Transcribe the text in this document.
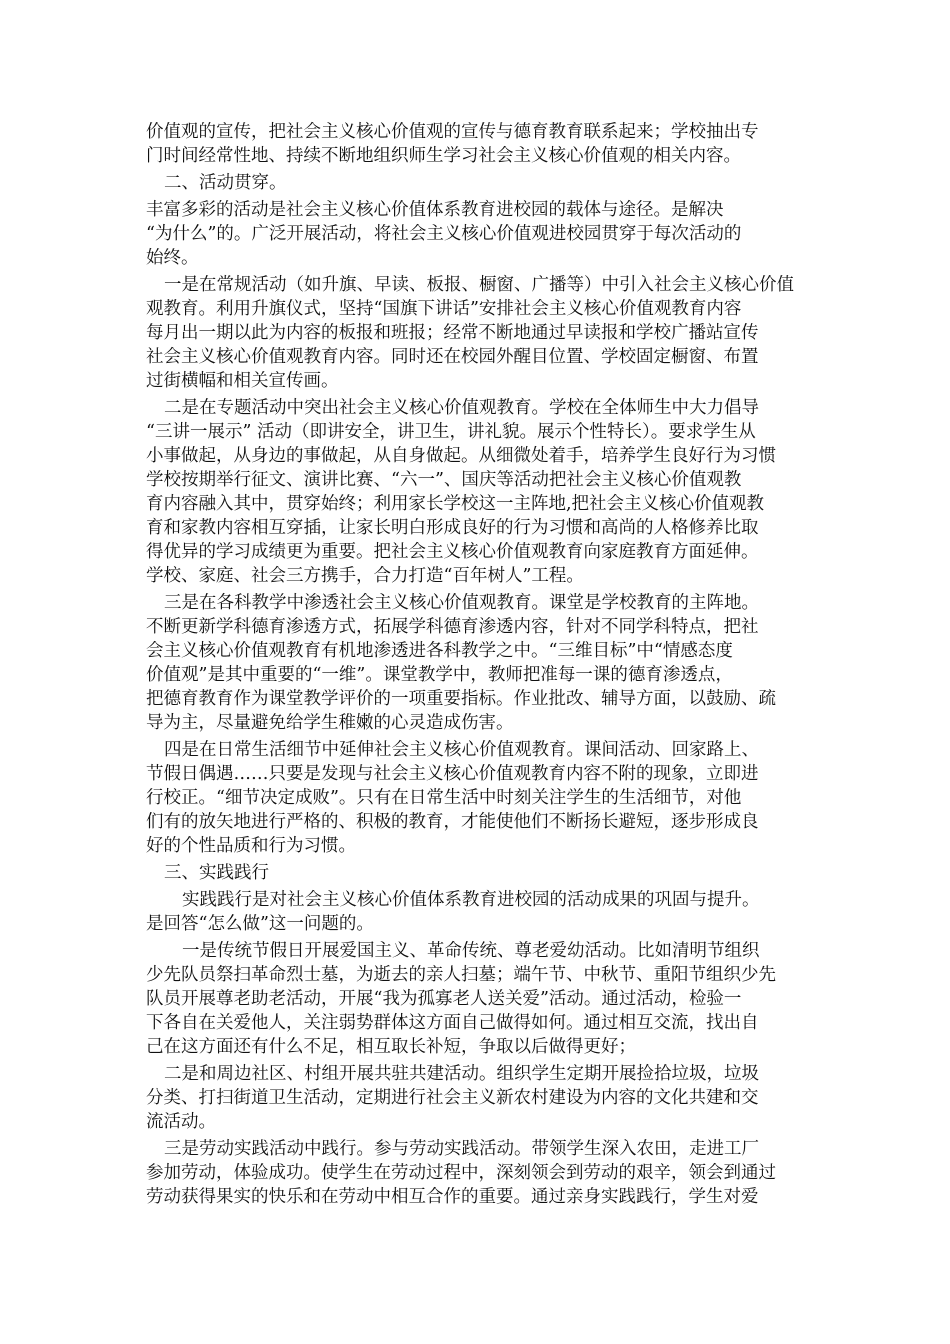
价值观的宣传，把社会主义核心价值观的宣传与德育教育联系起来；学校抽出专
门时间经常性地、持续不断地组织师生学习社会主义核心价值观的相关内容。
二、活动贯穿。
丰富多彩的活动是社会主义核心价值体系教育进校园的载体与途径。是解决
“为什么”的。广泛开展活动，将社会主义核心价值观进校园贯穿于每次活动的
始终。
一是在常规活动（如升旗、早读、板报、橱窗、广播等）中引入社会主义核心价值
观教育。利用升旗仪式，坚持“国旗下讲话”安排社会主义核心价值观教育内容
每月出一期以此为内容的板报和班报；经常不断地通过早读报和学校广播站宣传
社会主义核心价值观教育内容。同时还在校园外醒目位置、学校固定橱窗、布置
过街横幅和相关宣传画。
二是在专题活动中突出社会主义核心价值观教育。学校在全体师生中大力倡导
“三讲一展示” 活动（即讲安全，讲卫生，讲礼貌。展示个性特长）。要求学生从
小事做起，从身边的事做起，从自身做起。从细微处着手，培养学生良好行为习惯
学校按期举行征文、演讲比赛、“六一”、国庆等活动把社会主义核心价值观教
育内容融入其中，贯穿始终；利用家长学校这一主阵地,把社会主义核心价值观教
育和家教内容相互穿插，让家长明白形成良好的行为习惯和高尚的人格修养比取
得优异的学习成绩更为重要。把社会主义核心价值观教育向家庭教育方面延伸。
学校、家庭、社会三方携手，合力打造“百年树人”工程。
三是在各科教学中渗透社会主义核心价值观教育。课堂是学校教育的主阵地。
不断更新学科德育渗透方式，拓展学科德育渗透内容，针对不同学科特点，把社
会主义核心价值观教育有机地渗透进各科教学之中。“三维目标”中“情感态度
价值观”是其中重要的“一维”。课堂教学中，教师把准每一课的德育渗透点，
把德育教育作为课堂教学评价的一项重要指标。作业批改、辅导方面，以鼓励、疏
导为主，尽量避免给学生稚嫩的心灵造成伤害。
四是在日常生活细节中延伸社会主义核心价值观教育。课间活动、回家路上、
节假日偶遇……只要是发现与社会主义核心价值观教育内容不附的现象，立即进
行校正。“细节决定成败”。只有在日常生活中时刻关注学生的生活细节，对他
们有的放矢地进行严格的、积极的教育，才能使他们不断扬长避短，逐步形成良
好的个性品质和行为习惯。
三、实践践行
实践践行是对社会主义核心价值体系教育进校园的活动成果的巩固与提升。
是回答“怎么做”这一问题的。
一是传统节假日开展爱国主义、革命传统、尊老爱幼活动。比如清明节组织
少先队员祭扫革命烈士墓，为逝去的亲人扫墓；端午节、中秋节、重阳节组织少先
队员开展尊老助老活动，开展“我为孤寡老人送关爱”活动。通过活动，检验一
下各自在关爱他人，关注弱势群体这方面自己做得如何。通过相互交流，找出自
己在这方面还有什么不足，相互取长补短，争取以后做得更好；
二是和周边社区、村组开展共驻共建活动。组织学生定期开展捡拾垃圾，垃圾
分类、打扫街道卫生活动，定期进行社会主义新农村建设为内容的文化共建和交
流活动。
三是劳动实践活动中践行。参与劳动实践活动。带领学生深入农田，走进工厂
参加劳动，体验成功。使学生在劳动过程中，深刻领会到劳动的艰辛，领会到通过
劳动获得果实的快乐和在劳动中相互合作的重要。通过亲身实践践行，学生对爱
